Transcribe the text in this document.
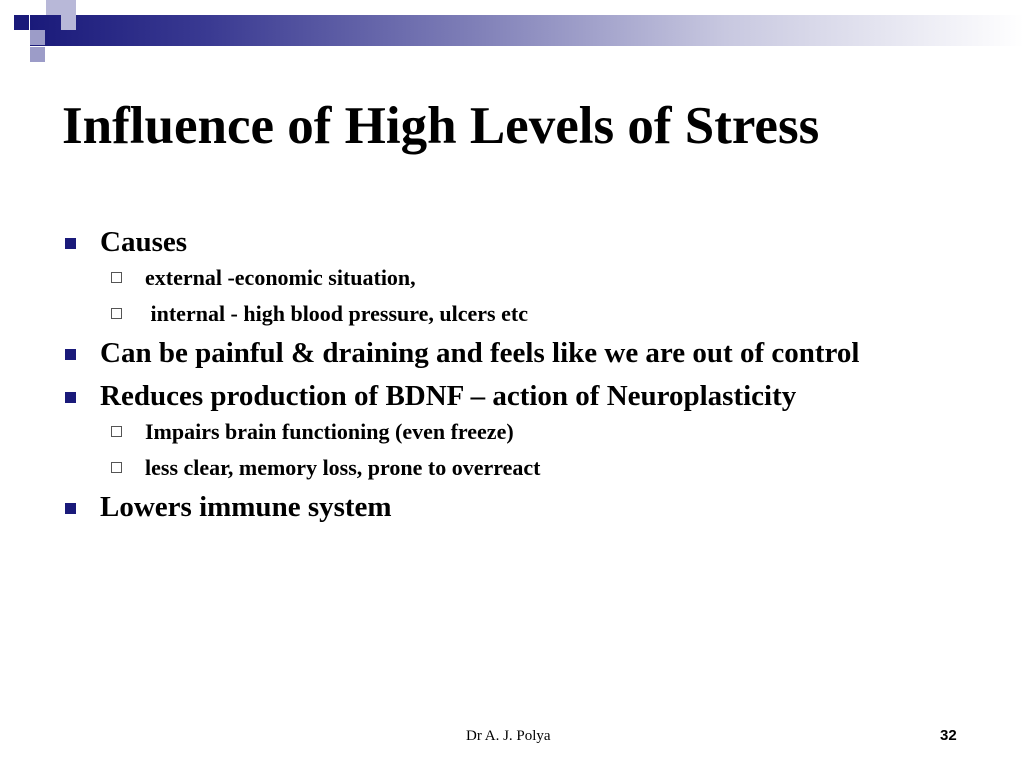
Influence of High Levels of Stress
Causes
external -economic situation,
internal - high blood pressure, ulcers etc
Can be painful & draining and feels like we are out of control
Reduces production of BDNF – action of Neuroplasticity
Impairs brain functioning (even freeze)
less clear, memory loss, prone to overreact
Lowers immune system
Dr A. J. Polya	32
